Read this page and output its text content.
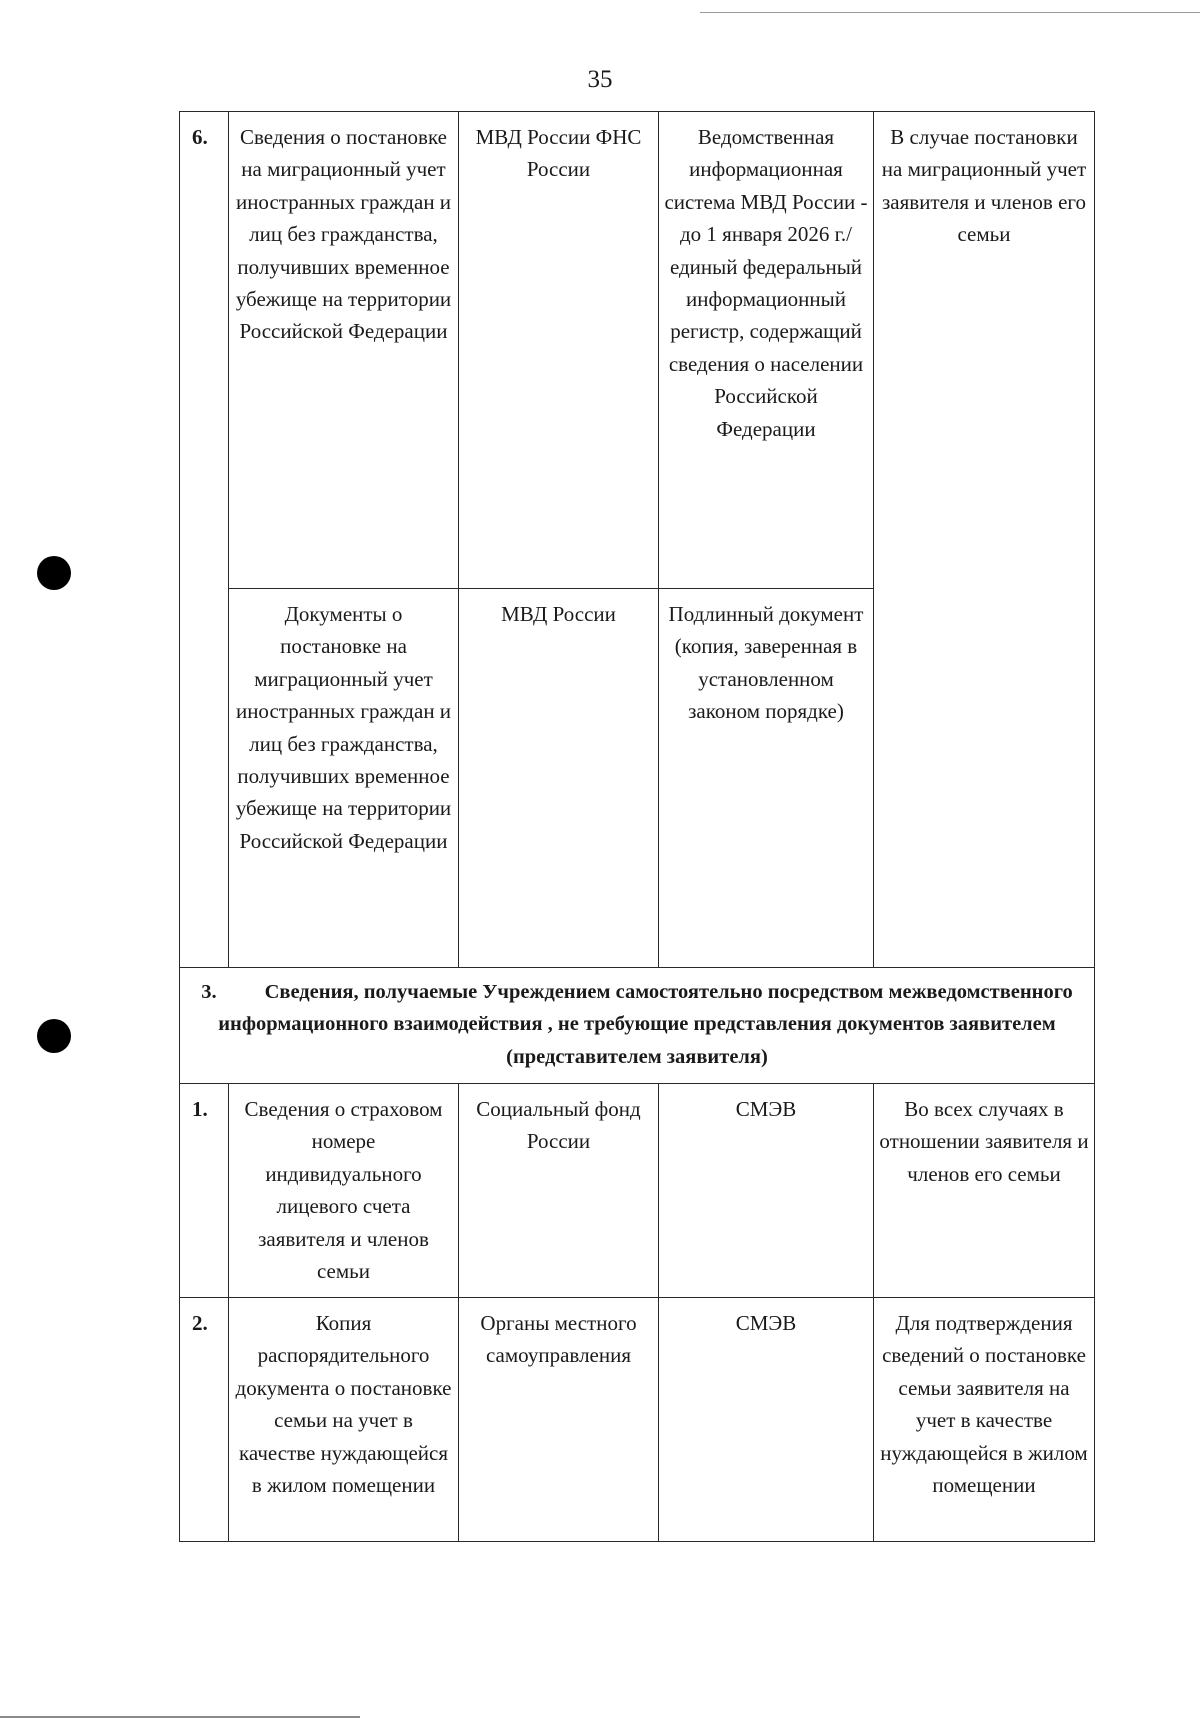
35
6.	Сведения о постановке на миграционный учет иностранных граждан и лиц без гражданства, получивших временное убежище на территории Российской Федерации	МВД России ФНС России	Ведомственная информационная система МВД России - до 1 января 2026 г./единый федеральный информационный регистр, содержащий сведения о населении Российской Федерации	В случае постановки на миграционный учет заявителя и членов его семьи
	Документы о постановке на миграционный учет иностранных граждан и лиц без гражданства, получивших временное убежище на территории Российской Федерации	МВД России	Подлинный документ (копия, заверенная в установленном законом порядке)	
3. Сведения, получаемые Учреждением самостоятельно посредством межведомственного информационного взаимодействия , не требующие представления документов заявителем (представителем заявителя)				
1.	Сведения о страховом номере индивидуального лицевого счета заявителя и членов семьи	Социальный фонд России	СМЭВ	Во всех случаях в отношении заявителя и членов его семьи
2.	Копия распорядительного документа о постановке семьи на учет в качестве нуждающейся в жилом помещении	Органы местного самоуправления	СМЭВ	Для подтверждения сведений о постановке семьи заявителя на учет в качестве нуждающейся в жилом помещении
